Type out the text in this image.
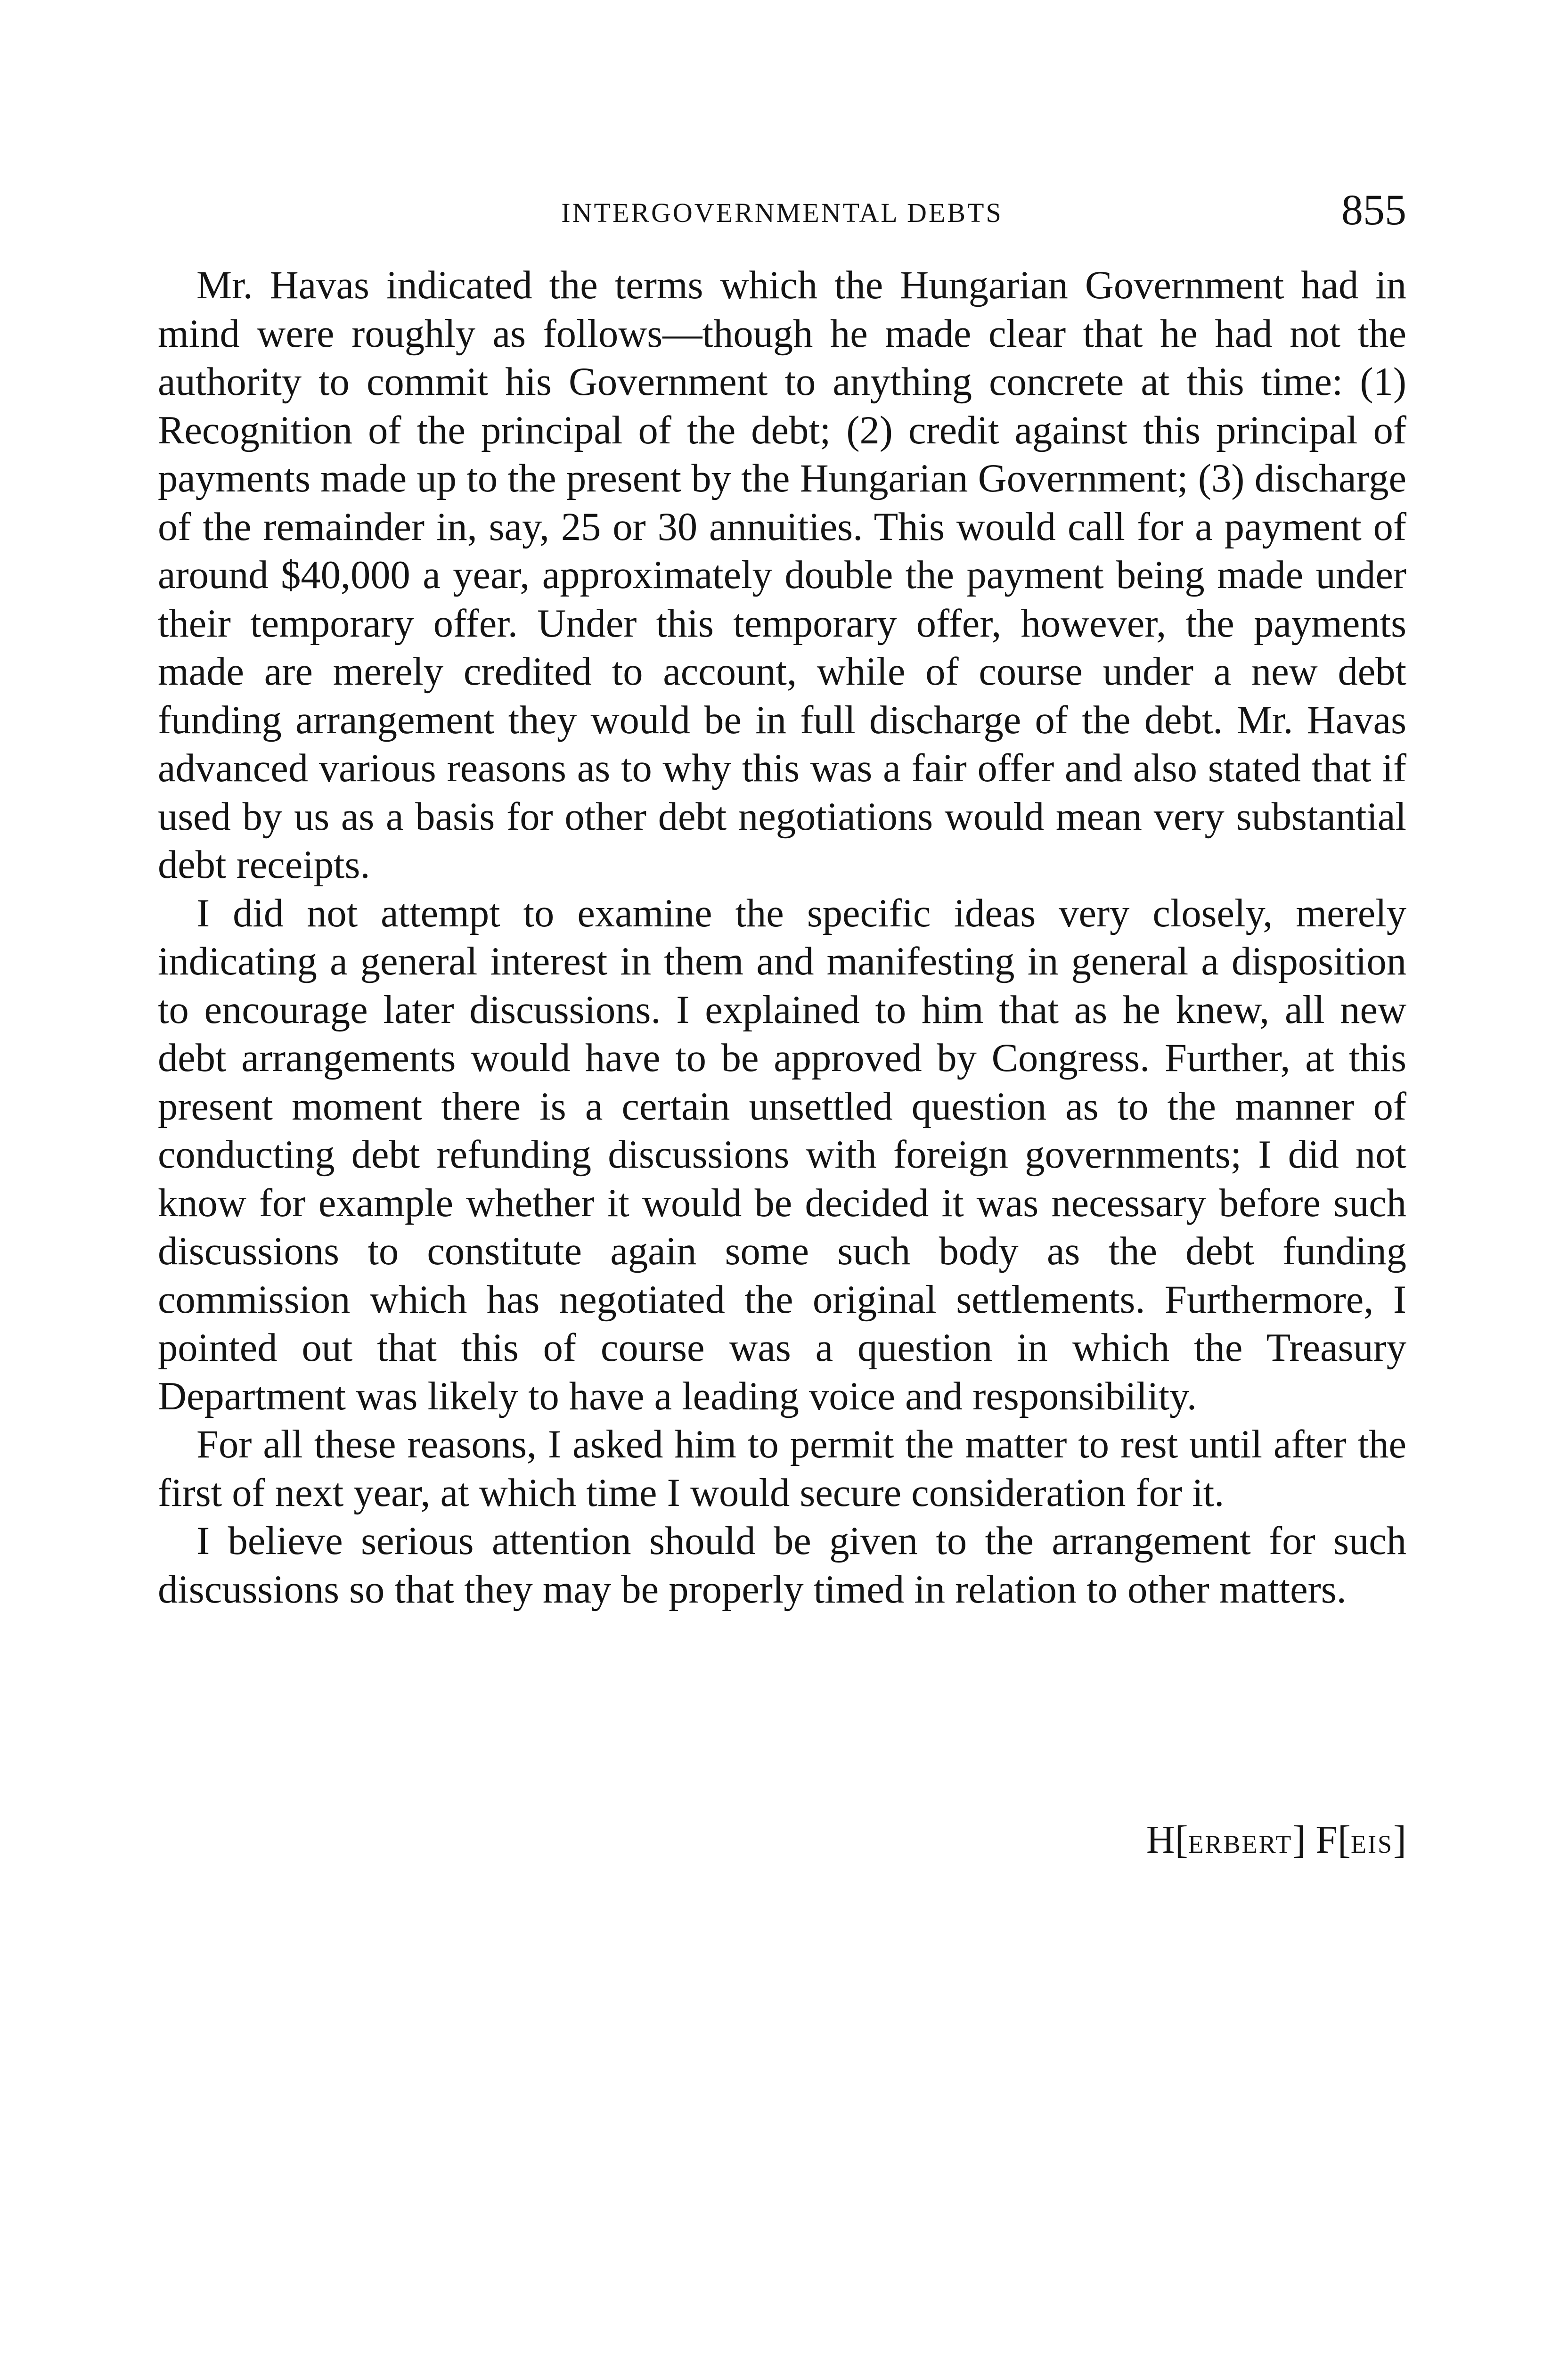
INTERGOVERNMENTAL DEBTS	855

Mr. Havas indicated the terms which the Hungarian Government had in mind were roughly as follows—though he made clear that he had not the authority to commit his Government to anything concrete at this time: (1) Recognition of the principal of the debt; (2) credit against this principal of payments made up to the present by the Hungarian Government; (3) discharge of the remainder in, say, 25 or 30 annuities. This would call for a payment of around $40,000 a year, approximately double the payment being made under their temporary offer. Under this temporary offer, however, the payments made are merely credited to account, while of course under a new debt funding arrangement they would be in full discharge of the debt. Mr. Havas advanced various reasons as to why this was a fair offer and also stated that if used by us as a basis for other debt negotiations would mean very substantial debt receipts.

I did not attempt to examine the specific ideas very closely, merely indicating a general interest in them and manifesting in general a disposition to encourage later discussions. I explained to him that as he knew, all new debt arrangements would have to be approved by Congress. Further, at this present moment there is a certain unsettled question as to the manner of conducting debt refunding discussions with foreign governments; I did not know for example whether it would be decided it was necessary before such discussions to constitute again some such body as the debt funding commission which has negotiated the original settlements. Furthermore, I pointed out that this of course was a question in which the Treasury Department was likely to have a leading voice and responsibility.

For all these reasons, I asked him to permit the matter to rest until after the first of next year, at which time I would secure consideration for it.

I believe serious attention should be given to the arrangement for such discussions so that they may be properly timed in relation to other matters.

H[ERBERT] F[EIS]
